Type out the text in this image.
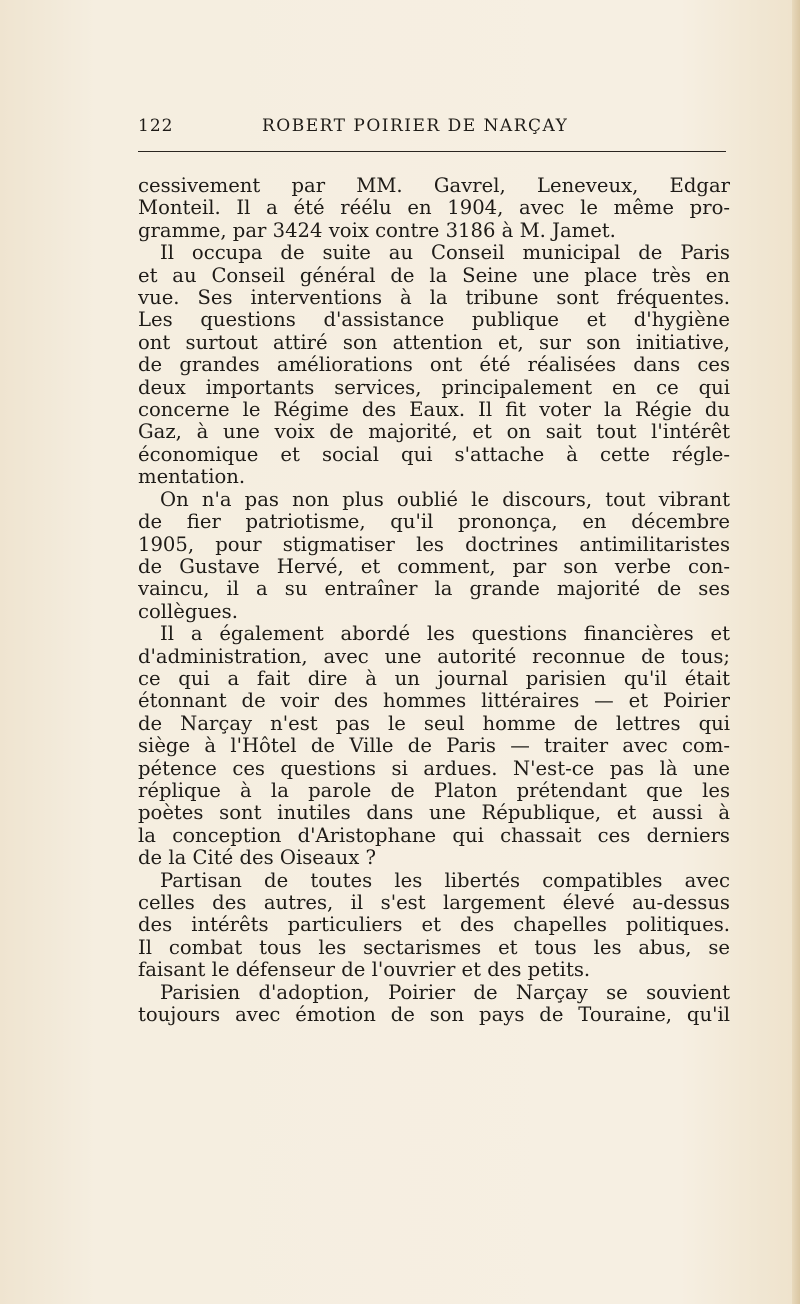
122	ROBERT POIRIER DE NARÇAY
cessivement par MM. Gavrel, Leneveux, Edgar
Monteil. Il a été réélu en 1904, avec le même pro-
gramme, par 3424 voix contre 3186 à M. Jamet.
Il occupa de suite au Conseil municipal de Paris
et au Conseil général de la Seine une place très en
vue. Ses interventions à la tribune sont fréquentes.
Les questions d'assistance publique et d'hygiène
ont surtout attiré son attention et, sur son initiative,
de grandes améliorations ont été réalisées dans ces
deux importants services, principalement en ce qui
concerne le Régime des Eaux. Il fit voter la Régie du
Gaz, à une voix de majorité, et on sait tout l'intérêt
économique et social qui s'attache à cette régle-
mentation.
On n'a pas non plus oublié le discours, tout vibrant
de fier patriotisme, qu'il prononça, en décembre
1905, pour stigmatiser les doctrines antimilitaristes
de Gustave Hervé, et comment, par son verbe con-
vaincu, il a su entraîner la grande majorité de ses
collègues.
Il a également abordé les questions financières et
d'administration, avec une autorité reconnue de tous;
ce qui a fait dire à un journal parisien qu'il était
étonnant de voir des hommes littéraires — et Poirier
de Narçay n'est pas le seul homme de lettres qui
siège à l'Hôtel de Ville de Paris — traiter avec com-
pétence ces questions si ardues. N'est-ce pas là une
réplique à la parole de Platon prétendant que les
poètes sont inutiles dans une République, et aussi à
la conception d'Aristophane qui chassait ces derniers
de la Cité des Oiseaux ?
Partisan de toutes les libertés compatibles avec
celles des autres, il s'est largement élevé au-dessus
des intérêts particuliers et des chapelles politiques.
Il combat tous les sectarismes et tous les abus, se
faisant le défenseur de l'ouvrier et des petits.
Parisien d'adoption, Poirier de Narçay se souvient
toujours avec émotion de son pays de Touraine, qu'il
